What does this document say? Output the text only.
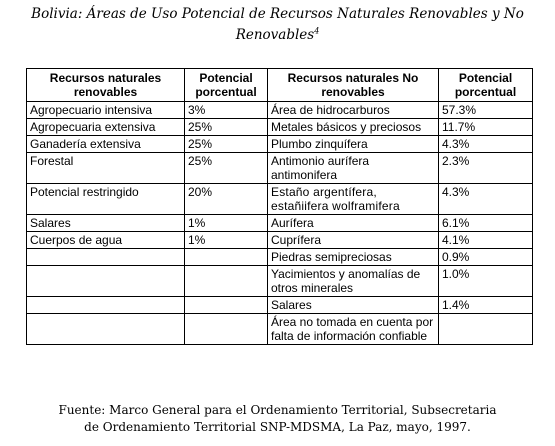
Bolivia: Áreas de Uso Potencial de Recursos Naturales Renovables y No Renovables$^4$
Recursos naturales renovables	Potencial porcentual	Recursos naturales No renovables	Potencial porcentual
Agropecuario intensiva	3%	Área de hidrocarburos	57.3%
Agropecuaria extensiva	25%	Metales básicos y preciosos	11.7%
Ganadería extensiva	25%	Plumbo zinquífera	4.3%
Forestal	25%	Antimonio aurífera antimonifera	2.3%
Potencial restringido	20%	Estaño argentífera, estañiifera wolframifera	4.3%
Salares	1%	Aurífera	6.1%
Cuerpos de agua	1%	Cuprífera	4.1%
		Piedras semipreciosas	0.9%
		Yacimientos y anomalías de otros minerales	1.0%
		Salares	1.4%
		Área no tomada en cuenta por falta de información confiable	
Fuente: Marco General para el Ordenamiento Territorial, Subsecretaria
de Ordenamiento Territorial SNP-MDSMA, La Paz, mayo, 1997.
